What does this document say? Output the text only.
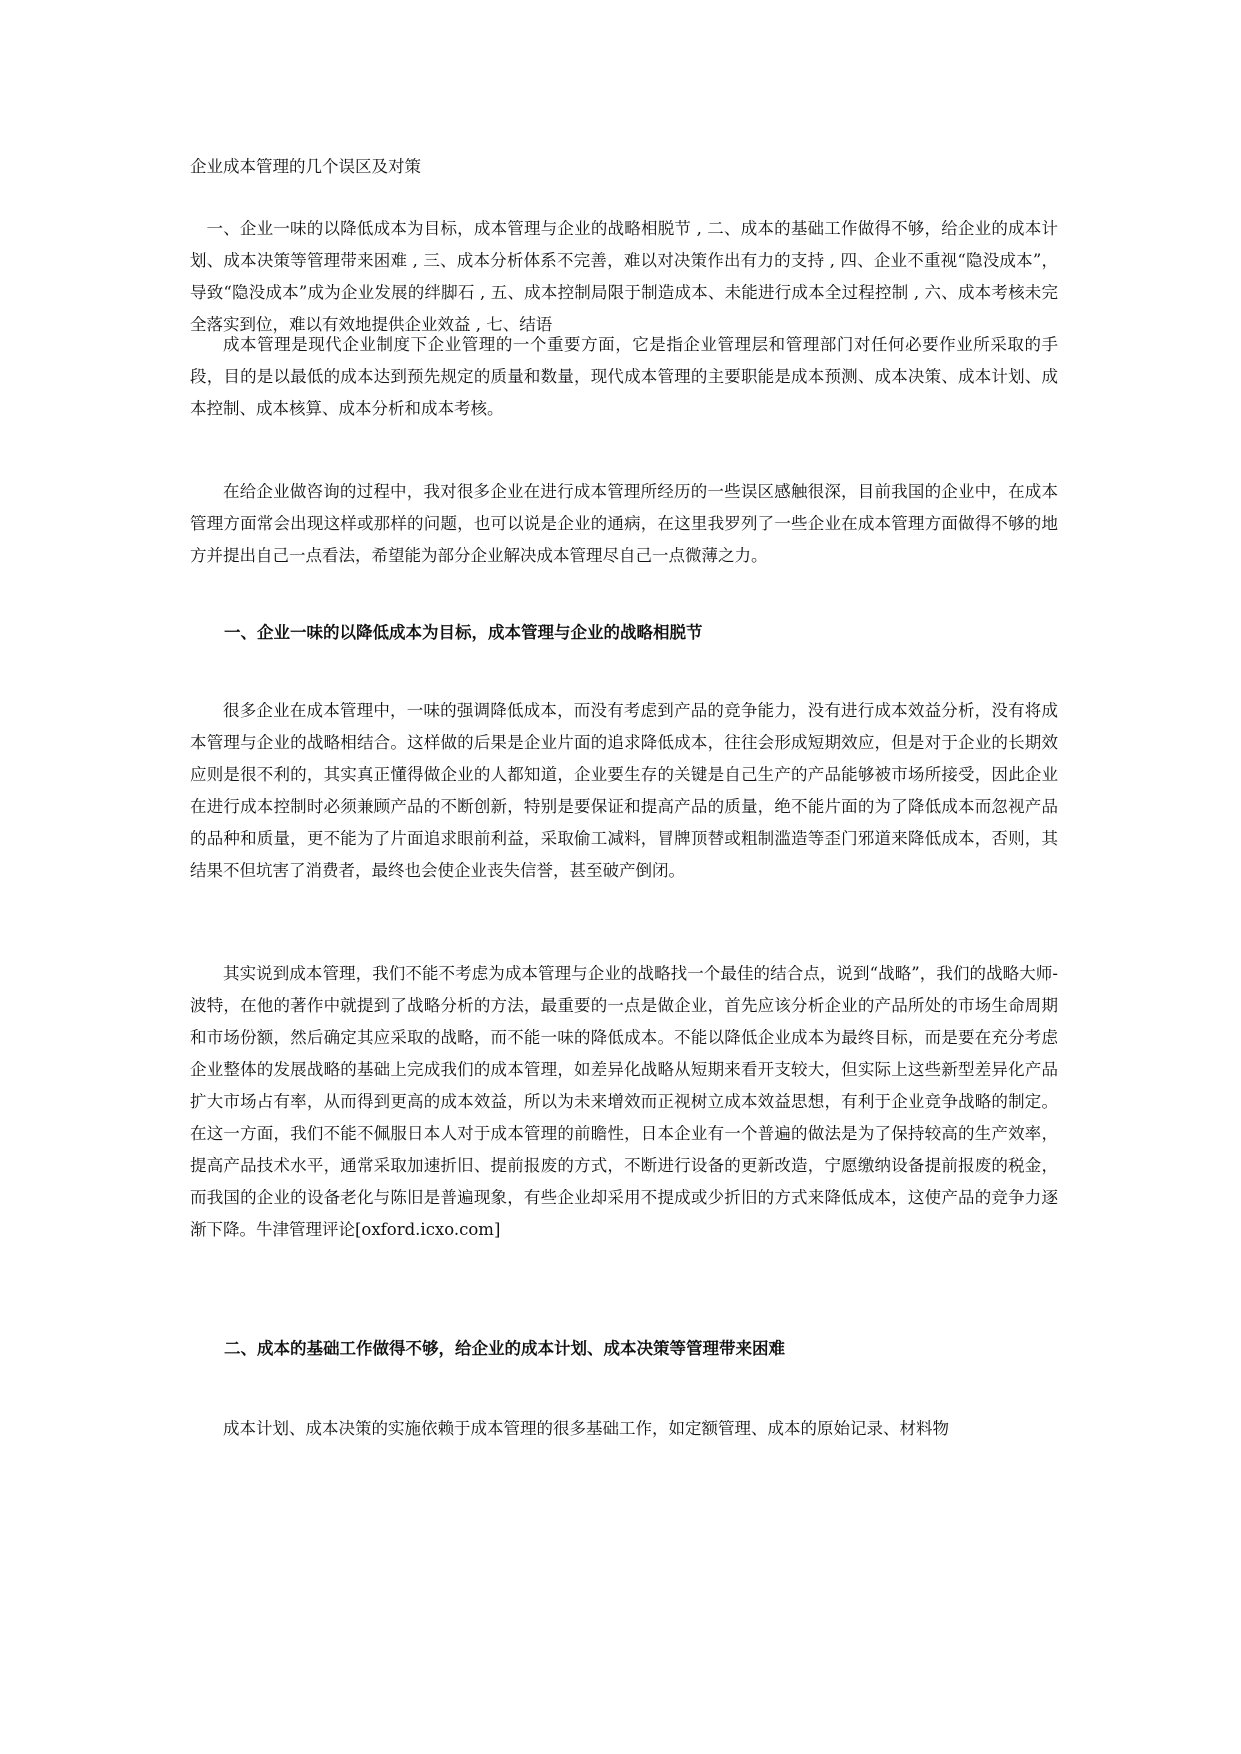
企业成本管理的几个误区及对策
一、企业一味的以降低成本为目标，成本管理与企业的战略相脱节 , 二、成本的基础工作做得不够，给企业的成本计划、成本决策等管理带来困难 , 三、成本分析体系不完善，难以对决策作出有力的支持 , 四、企业不重视“隐没成本”，导致“隐没成本”成为企业发展的绊脚石 , 五、成本控制局限于制造成本、未能进行成本全过程控制 , 六、成本考核未完全落实到位，难以有效地提供企业效益 , 七、结语
成本管理是现代企业制度下企业管理的一个重要方面，它是指企业管理层和管理部门对任何必要作业所采取的手段，目的是以最低的成本达到预先规定的质量和数量，现代成本管理的主要职能是成本预测、成本决策、成本计划、成本控制、成本核算、成本分析和成本考核。
在给企业做咨询的过程中，我对很多企业在进行成本管理所经历的一些误区感触很深，目前我国的企业中，在成本管理方面常会出现这样或那样的问题，也可以说是企业的通病，在这里我罗列了一些企业在成本管理方面做得不够的地方并提出自己一点看法，希望能为部分企业解决成本管理尽自己一点微薄之力。
一、企业一味的以降低成本为目标，成本管理与企业的战略相脱节
很多企业在成本管理中，一味的强调降低成本，而没有考虑到产品的竞争能力，没有进行成本效益分析，没有将成本管理与企业的战略相结合。这样做的后果是企业片面的追求降低成本，往往会形成短期效应，但是对于企业的长期效应则是很不利的，其实真正懂得做企业的人都知道，企业要生存的关键是自己生产的产品能够被市场所接受，因此企业在进行成本控制时必须兼顾产品的不断创新，特别是要保证和提高产品的质量，绝不能片面的为了降低成本而忽视产品的品种和质量，更不能为了片面追求眼前利益，采取偷工减料，冒牌顶替或粗制滥造等歪门邪道来降低成本，否则，其结果不但坑害了消费者，最终也会使企业丧失信誉，甚至破产倒闭。
其实说到成本管理，我们不能不考虑为成本管理与企业的战略找一个最佳的结合点，说到“战略”，我们的战略大师-波特，在他的著作中就提到了战略分析的方法，最重要的一点是做企业，首先应该分析企业的产品所处的市场生命周期和市场份额，然后确定其应采取的战略，而不能一味的降低成本。不能以降低企业成本为最终目标，而是要在充分考虑企业整体的发展战略的基础上完成我们的成本管理，如差异化战略从短期来看开支较大，但实际上这些新型差异化产品扩大市场占有率，从而得到更高的成本效益，所以为未来增效而正视树立成本效益思想，有利于企业竞争战略的制定。在这一方面，我们不能不佩服日本人对于成本管理的前瞻性，日本企业有一个普遍的做法是为了保持较高的生产效率，提高产品技术水平，通常采取加速折旧、提前报废的方式，不断进行设备的更新改造，宁愿缴纳设备提前报废的税金，而我国的企业的设备老化与陈旧是普遍现象，有些企业却采用不提成或少折旧的方式来降低成本，这使产品的竞争力逐渐下降。牛津管理评论[oxford.icxo.com]
二、成本的基础工作做得不够，给企业的成本计划、成本决策等管理带来困难
成本计划、成本决策的实施依赖于成本管理的很多基础工作，如定额管理、成本的原始记录、材料物
